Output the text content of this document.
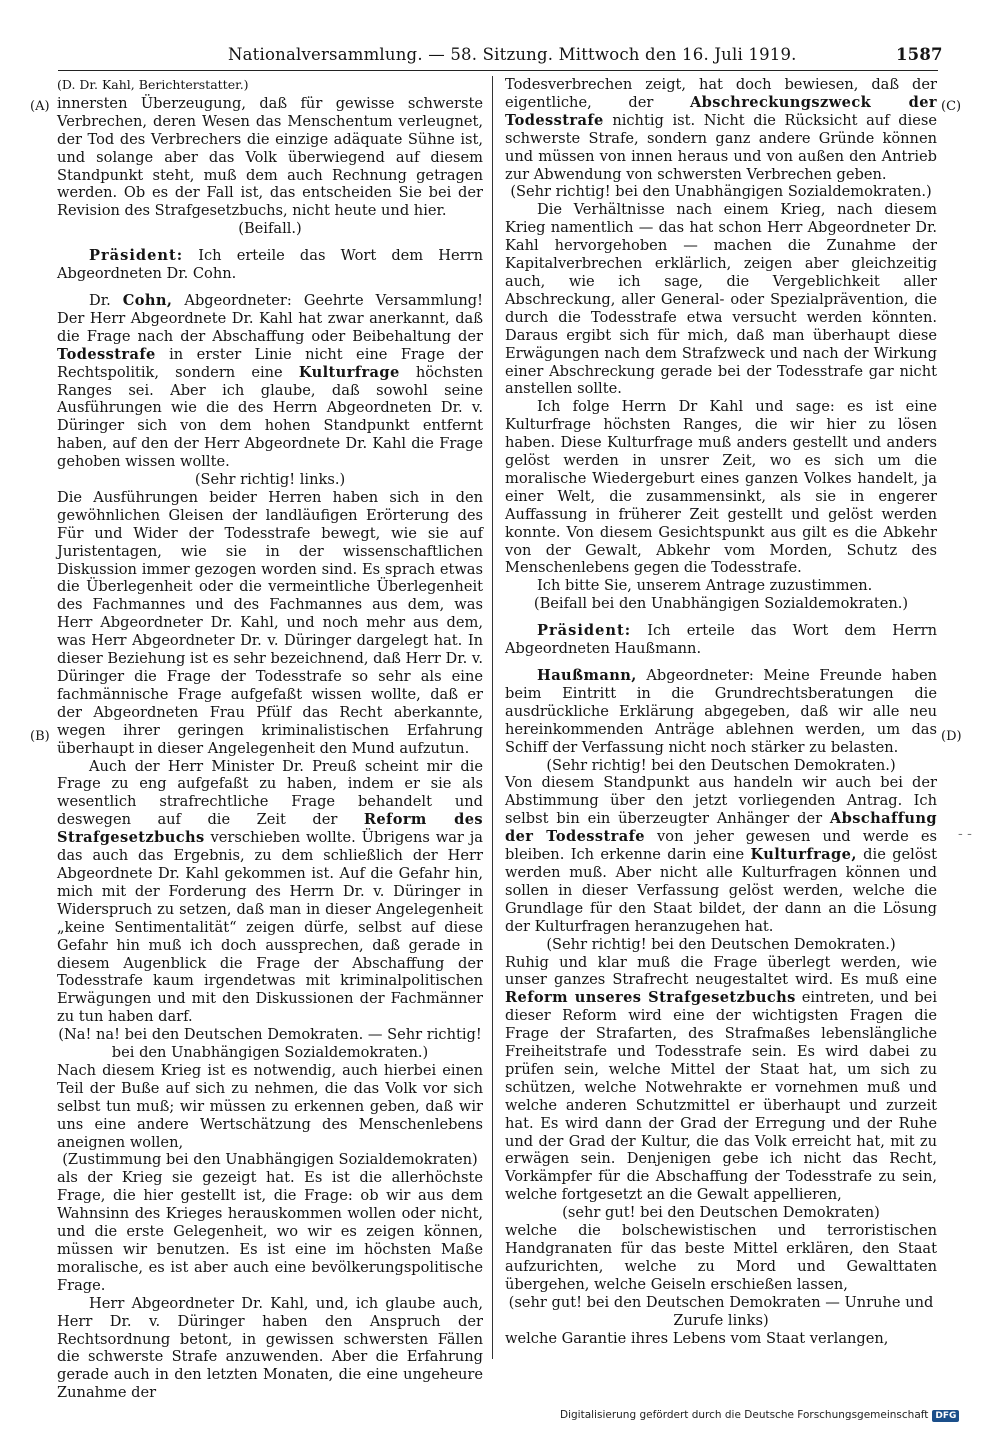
Nationalversammlung. — 58. Sitzung. Mittwoch den 16. Juli 1919.	1587
(A)
(B)
(C)
(D)

(D. Dr. Kahl, Berichterstatter.)

innersten Überzeugung, daß für gewisse schwerste Verbrechen, deren Wesen das Menschentum verleugnet, der Tod des Verbrechers die einzige adäquate Sühne ist, und solange aber das Volk überwiegend auf diesem Standpunkt steht, muß dem auch Rechnung getragen werden. Ob es der Fall ist, das entscheiden Sie bei der Revision des Strafgesetzbuchs, nicht heute und hier.

(Beifall.)

Präsident: Ich erteile das Wort dem Herrn Abgeordneten Dr. Cohn.

Dr. Cohn, Abgeordneter: Geehrte Versammlung! Der Herr Abgeordnete Dr. Kahl hat zwar anerkannt, daß die Frage nach der Abschaffung oder Beibehaltung der Todesstrafe in erster Linie nicht eine Frage der Rechtspolitik, sondern eine Kulturfrage höchsten Ranges sei. Aber ich glaube, daß sowohl seine Ausführungen wie die des Herrn Abgeordneten Dr. v. Düringer sich von dem hohen Standpunkt entfernt haben, auf den der Herr Abgeordnete Dr. Kahl die Frage gehoben wissen wollte.

(Sehr richtig! links.)

Die Ausführungen beider Herren haben sich in den gewöhnlichen Gleisen der landläufigen Erörterung des Für und Wider der Todesstrafe bewegt, wie sie auf Juristentagen, wie sie in der wissenschaftlichen Diskussion immer gezogen worden sind. Es sprach etwas die Überlegenheit oder die vermeintliche Überlegenheit des Fachmannes und des Fachmannes aus dem, was Herr Abgeordneter Dr. Kahl, und noch mehr aus dem, was Herr Abgeordneter Dr. v. Düringer dargelegt hat. In dieser Beziehung ist es sehr bezeichnend, daß Herr Dr. v. Düringer die Frage der Todesstrafe so sehr als eine fachmännische Frage aufgefaßt wissen wollte, daß er der Abgeordneten Frau Pfülf das Recht aberkannte, wegen ihrer geringen kriminalistischen Erfahrung überhaupt in dieser Angelegenheit den Mund aufzutun.

Auch der Herr Minister Dr. Preuß scheint mir die Frage zu eng aufgefaßt zu haben, indem er sie als wesentlich strafrechtliche Frage behandelt und deswegen auf die Zeit der Reform des Strafgesetzbuchs verschieben wollte. Übrigens war ja das auch das Ergebnis, zu dem schließlich der Herr Abgeordnete Dr. Kahl gekommen ist. Auf die Gefahr hin, mich mit der Forderung des Herrn Dr. v. Düringer in Widerspruch zu setzen, daß man in dieser Angelegenheit „keine Sentimentalität“ zeigen dürfe, selbst auf diese Gefahr hin muß ich doch aussprechen, daß gerade in diesem Augenblick die Frage der Abschaffung der Todesstrafe kaum irgendetwas mit kriminalpolitischen Erwägungen und mit den Diskussionen der Fachmänner zu tun haben darf.

(Na! na! bei den Deutschen Demokraten. — Sehr richtig! bei den Unabhängigen Sozialdemokraten.)

Nach diesem Krieg ist es notwendig, auch hierbei einen Teil der Buße auf sich zu nehmen, die das Volk vor sich selbst tun muß; wir müssen zu erkennen geben, daß wir uns eine andere Wertschätzung des Menschenlebens aneignen wollen,

(Zustimmung bei den Unabhängigen Sozialdemokraten)

als der Krieg sie gezeigt hat. Es ist die allerhöchste Frage, die hier gestellt ist, die Frage: ob wir aus dem Wahnsinn des Krieges herauskommen wollen oder nicht, und die erste Gelegenheit, wo wir es zeigen können, müssen wir benutzen. Es ist eine im höchsten Maße moralische, es ist aber auch eine bevölkerungspolitische Frage.

Herr Abgeordneter Dr. Kahl, und, ich glaube auch, Herr Dr. v. Düringer haben den Anspruch der Rechtsordnung betont, in gewissen schwersten Fällen die schwerste Strafe anzuwenden. Aber die Erfahrung gerade auch in den letzten Monaten, die eine ungeheure Zunahme der

Todesverbrechen zeigt, hat doch bewiesen, daß der eigentliche, der Abschreckungszweck der Todesstrafe nichtig ist. Nicht die Rücksicht auf diese schwerste Strafe, sondern ganz andere Gründe können und müssen von innen heraus und von außen den Antrieb zur Abwendung von schwersten Verbrechen geben.

(Sehr richtig! bei den Unabhängigen Sozialdemokraten.)

Die Verhältnisse nach einem Krieg, nach diesem Krieg namentlich — das hat schon Herr Abgeordneter Dr. Kahl hervorgehoben — machen die Zunahme der Kapitalverbrechen erklärlich, zeigen aber gleichzeitig auch, wie ich sage, die Vergeblichkeit aller Abschreckung, aller General- oder Spezialprävention, die durch die Todesstrafe etwa versucht werden könnten. Daraus ergibt sich für mich, daß man überhaupt diese Erwägungen nach dem Strafzweck und nach der Wirkung einer Abschreckung gerade bei der Todesstrafe gar nicht anstellen sollte.

Ich folge Herrn Dr Kahl und sage: es ist eine Kulturfrage höchsten Ranges, die wir hier zu lösen haben. Diese Kulturfrage muß anders gestellt und anders gelöst werden in unsrer Zeit, wo es sich um die moralische Wiedergeburt eines ganzen Volkes handelt, ja einer Welt, die zusammensinkt, als sie in engerer Auffassung in früherer Zeit gestellt und gelöst werden konnte. Von diesem Gesichtspunkt aus gilt es die Abkehr von der Gewalt, Abkehr vom Morden, Schutz des Menschenlebens gegen die Todesstrafe.

Ich bitte Sie, unserem Antrage zuzustimmen.

(Beifall bei den Unabhängigen Sozialdemokraten.)

Präsident: Ich erteile das Wort dem Herrn Abgeordneten Haußmann.

Haußmann, Abgeordneter: Meine Freunde haben beim Eintritt in die Grundrechtsberatungen die ausdrückliche Erklärung abgegeben, daß wir alle neu hereinkommenden Anträge ablehnen werden, um das Schiff der Verfassung nicht noch stärker zu belasten.

(Sehr richtig! bei den Deutschen Demokraten.)

Von diesem Standpunkt aus handeln wir auch bei der Abstimmung über den jetzt vorliegenden Antrag. Ich selbst bin ein überzeugter Anhänger der Abschaffung der Todesstrafe von jeher gewesen und werde es bleiben. Ich erkenne darin eine Kulturfrage, die gelöst werden muß. Aber nicht alle Kulturfragen können und sollen in dieser Verfassung gelöst werden, welche die Grundlage für den Staat bildet, der dann an die Lösung der Kulturfragen heranzugehen hat.

(Sehr richtig! bei den Deutschen Demokraten.)

Ruhig und klar muß die Frage überlegt werden, wie unser ganzes Strafrecht neugestaltet wird. Es muß eine Reform unseres Strafgesetzbuchs eintreten, und bei dieser Reform wird eine der wichtigsten Fragen die Frage der Strafarten, des Strafmaßes lebenslängliche Freiheitstrafe und Todesstrafe sein. Es wird dabei zu prüfen sein, welche Mittel der Staat hat, um sich zu schützen, welche Notwehrakte er vornehmen muß und welche anderen Schutzmittel er überhaupt und zurzeit hat. Es wird dann der Grad der Erregung und der Ruhe und der Grad der Kultur, die das Volk erreicht hat, mit zu erwägen sein. Denjenigen gebe ich nicht das Recht, Vorkämpfer für die Abschaffung der Todesstrafe zu sein, welche fortgesetzt an die Gewalt appellieren,

(sehr gut! bei den Deutschen Demokraten)

welche die bolschewistischen und terroristischen Handgranaten für das beste Mittel erklären, den Staat aufzurichten, welche zu Mord und Gewalttaten übergehen, welche Geiseln erschießen lassen,

(sehr gut! bei den Deutschen Demokraten — Unruhe und Zurufe links)

welche Garantie ihres Lebens vom Staat verlangen,

- -
Digitalisierung gefördert durch die Deutsche Forschungsgemeinschaft DFG
